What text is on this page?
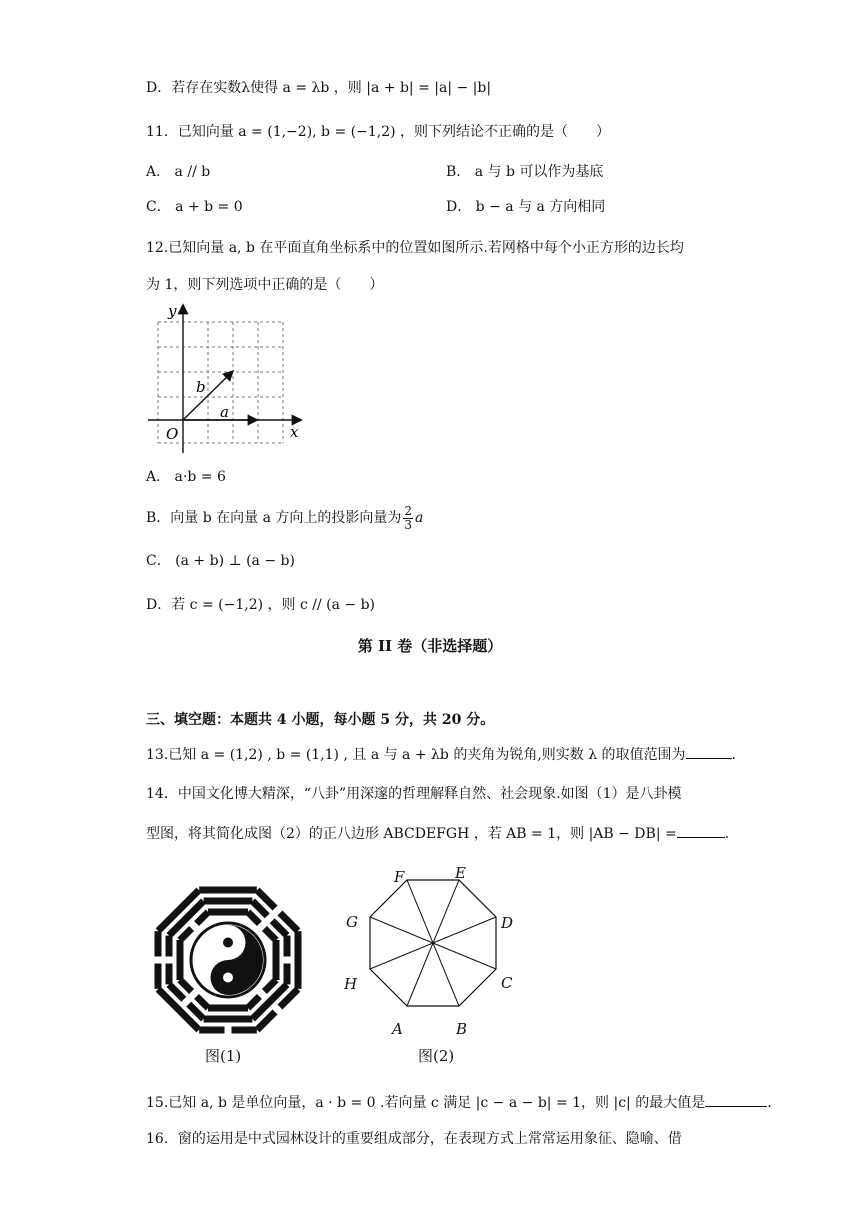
D．若存在实数λ使得 a = λb ，则 |a + b| = |a| − |b|
11．已知向量 a = (1,−2), b = (−1,2) ，则下列结论不正确的是（　　）
A． a // b	B． a 与 b 可以作为基底
C． a + b = 0	D． b − a 与 a 方向相同
12.已知向量 a, b 在平面直角坐标系中的位置如图所示.若网格中每个小正方形的边长均
为 1，则下列选项中正确的是（　　）
y
x
O
a
b
A． a·b = 6
B．向量 b 在向量 a 方向上的投影向量为 $\frac{2}{3}$ a
C． (a + b) ⊥ (a − b)
D．若 c = (−1,2) ，则 c // (a − b)
第 II 卷（非选择题）
三、填空题：本题共 4 小题，每小题 5 分，共 20 分。
13.已知 a = (1,2) , b = (1,1) , 且 a 与 a + λb 的夹角为锐角,则实数 λ 的取值范围为	.
14．中国文化博大精深，“八卦”用深邃的哲理解释自然、社会现象.如图（1）是八卦模
型图，将其简化成图（2）的正八边形 ABCDEFGH ，若 AB = 1，则 |AB − DB| =	.
图(1)
A	B
C
D
E
F
G
H
图(2)
15.已知 a, b 是单位向量，a · b = 0 .若向量 c 满足 |c − a − b| = 1，则 |c| 的最大值是	.
16．窗的运用是中式园林设计的重要组成部分，在表现方式上常常运用象征、隐喻、借
